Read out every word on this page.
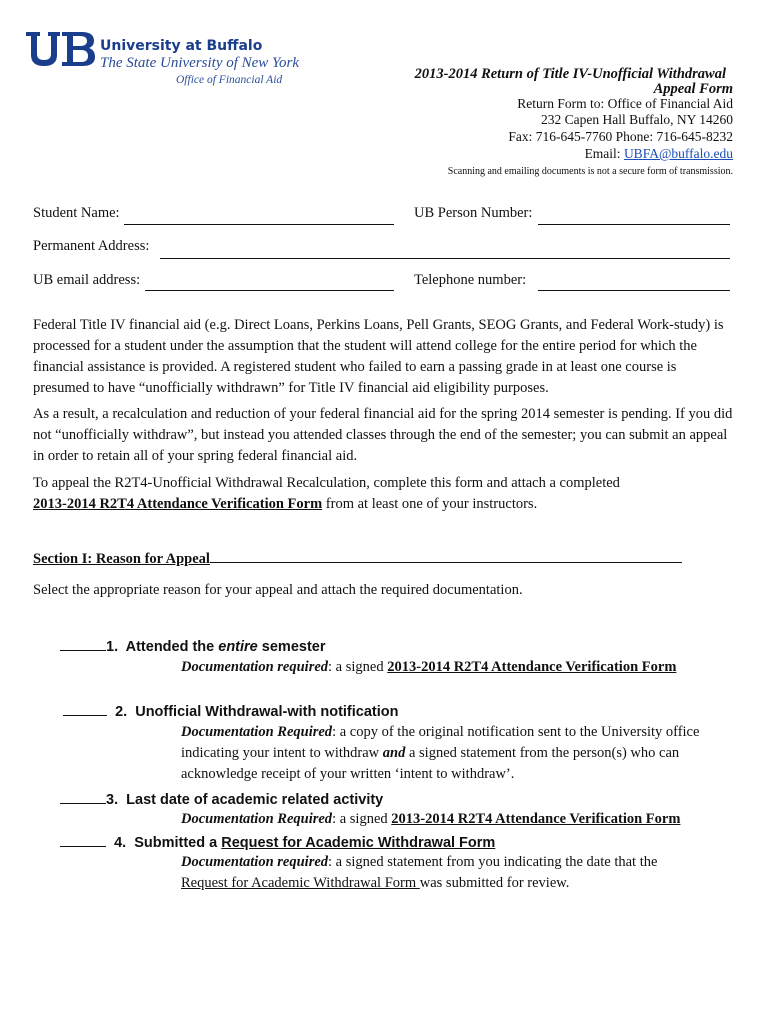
University at Buffalo
The State University of New York
Office of Financial Aid	2013-2014 Return of Title IV-Unofficial Withdrawal
Appeal Form
Return Form to: Office of Financial Aid
232 Capen Hall Buffalo, NY 14260
Fax: 716-645-7760 Phone: 716-645-8232
Email: UBFA@buffalo.edu
Scanning and emailing documents is not a secure form of transmission.
Student Name:	UB Person Number:
Permanent Address:
UB email address:	Telephone number:
Federal Title IV financial aid (e.g. Direct Loans, Perkins Loans, Pell Grants, SEOG Grants, and Federal Work-study) is processed for a student under the assumption that the student will attend college for the entire period for which the financial assistance is provided. A registered student who failed to earn a passing grade in at least one course is presumed to have “unofficially withdrawn” for Title IV financial aid eligibility purposes.
As a result, a recalculation and reduction of your federal financial aid for the spring 2014 semester is pending. If you did not “unofficially withdraw”, but instead you attended classes through the end of the semester; you can submit an appeal in order to retain all of your spring federal financial aid.
To appeal the R2T4-Unofficial Withdrawal Recalculation, complete this form and attach a completed
2013-2014 R2T4 Attendance Verification Form from at least one of your instructors.
Section I: Reason for Appeal
Select the appropriate reason for your appeal and attach the required documentation.
1. Attended the entire semester
Documentation required: a signed 2013-2014 R2T4 Attendance Verification Form
2. Unofficial Withdrawal-with notification
Documentation Required: a copy of the original notification sent to the University office indicating your intent to withdraw and a signed statement from the person(s) who can acknowledge receipt of your written ‘intent to withdraw’.
3. Last date of academic related activity
Documentation Required: a signed 2013-2014 R2T4 Attendance Verification Form
4. Submitted a Request for Academic Withdrawal Form
Documentation required: a signed statement from you indicating the date that the
Request for Academic Withdrawal Form was submitted for review.
